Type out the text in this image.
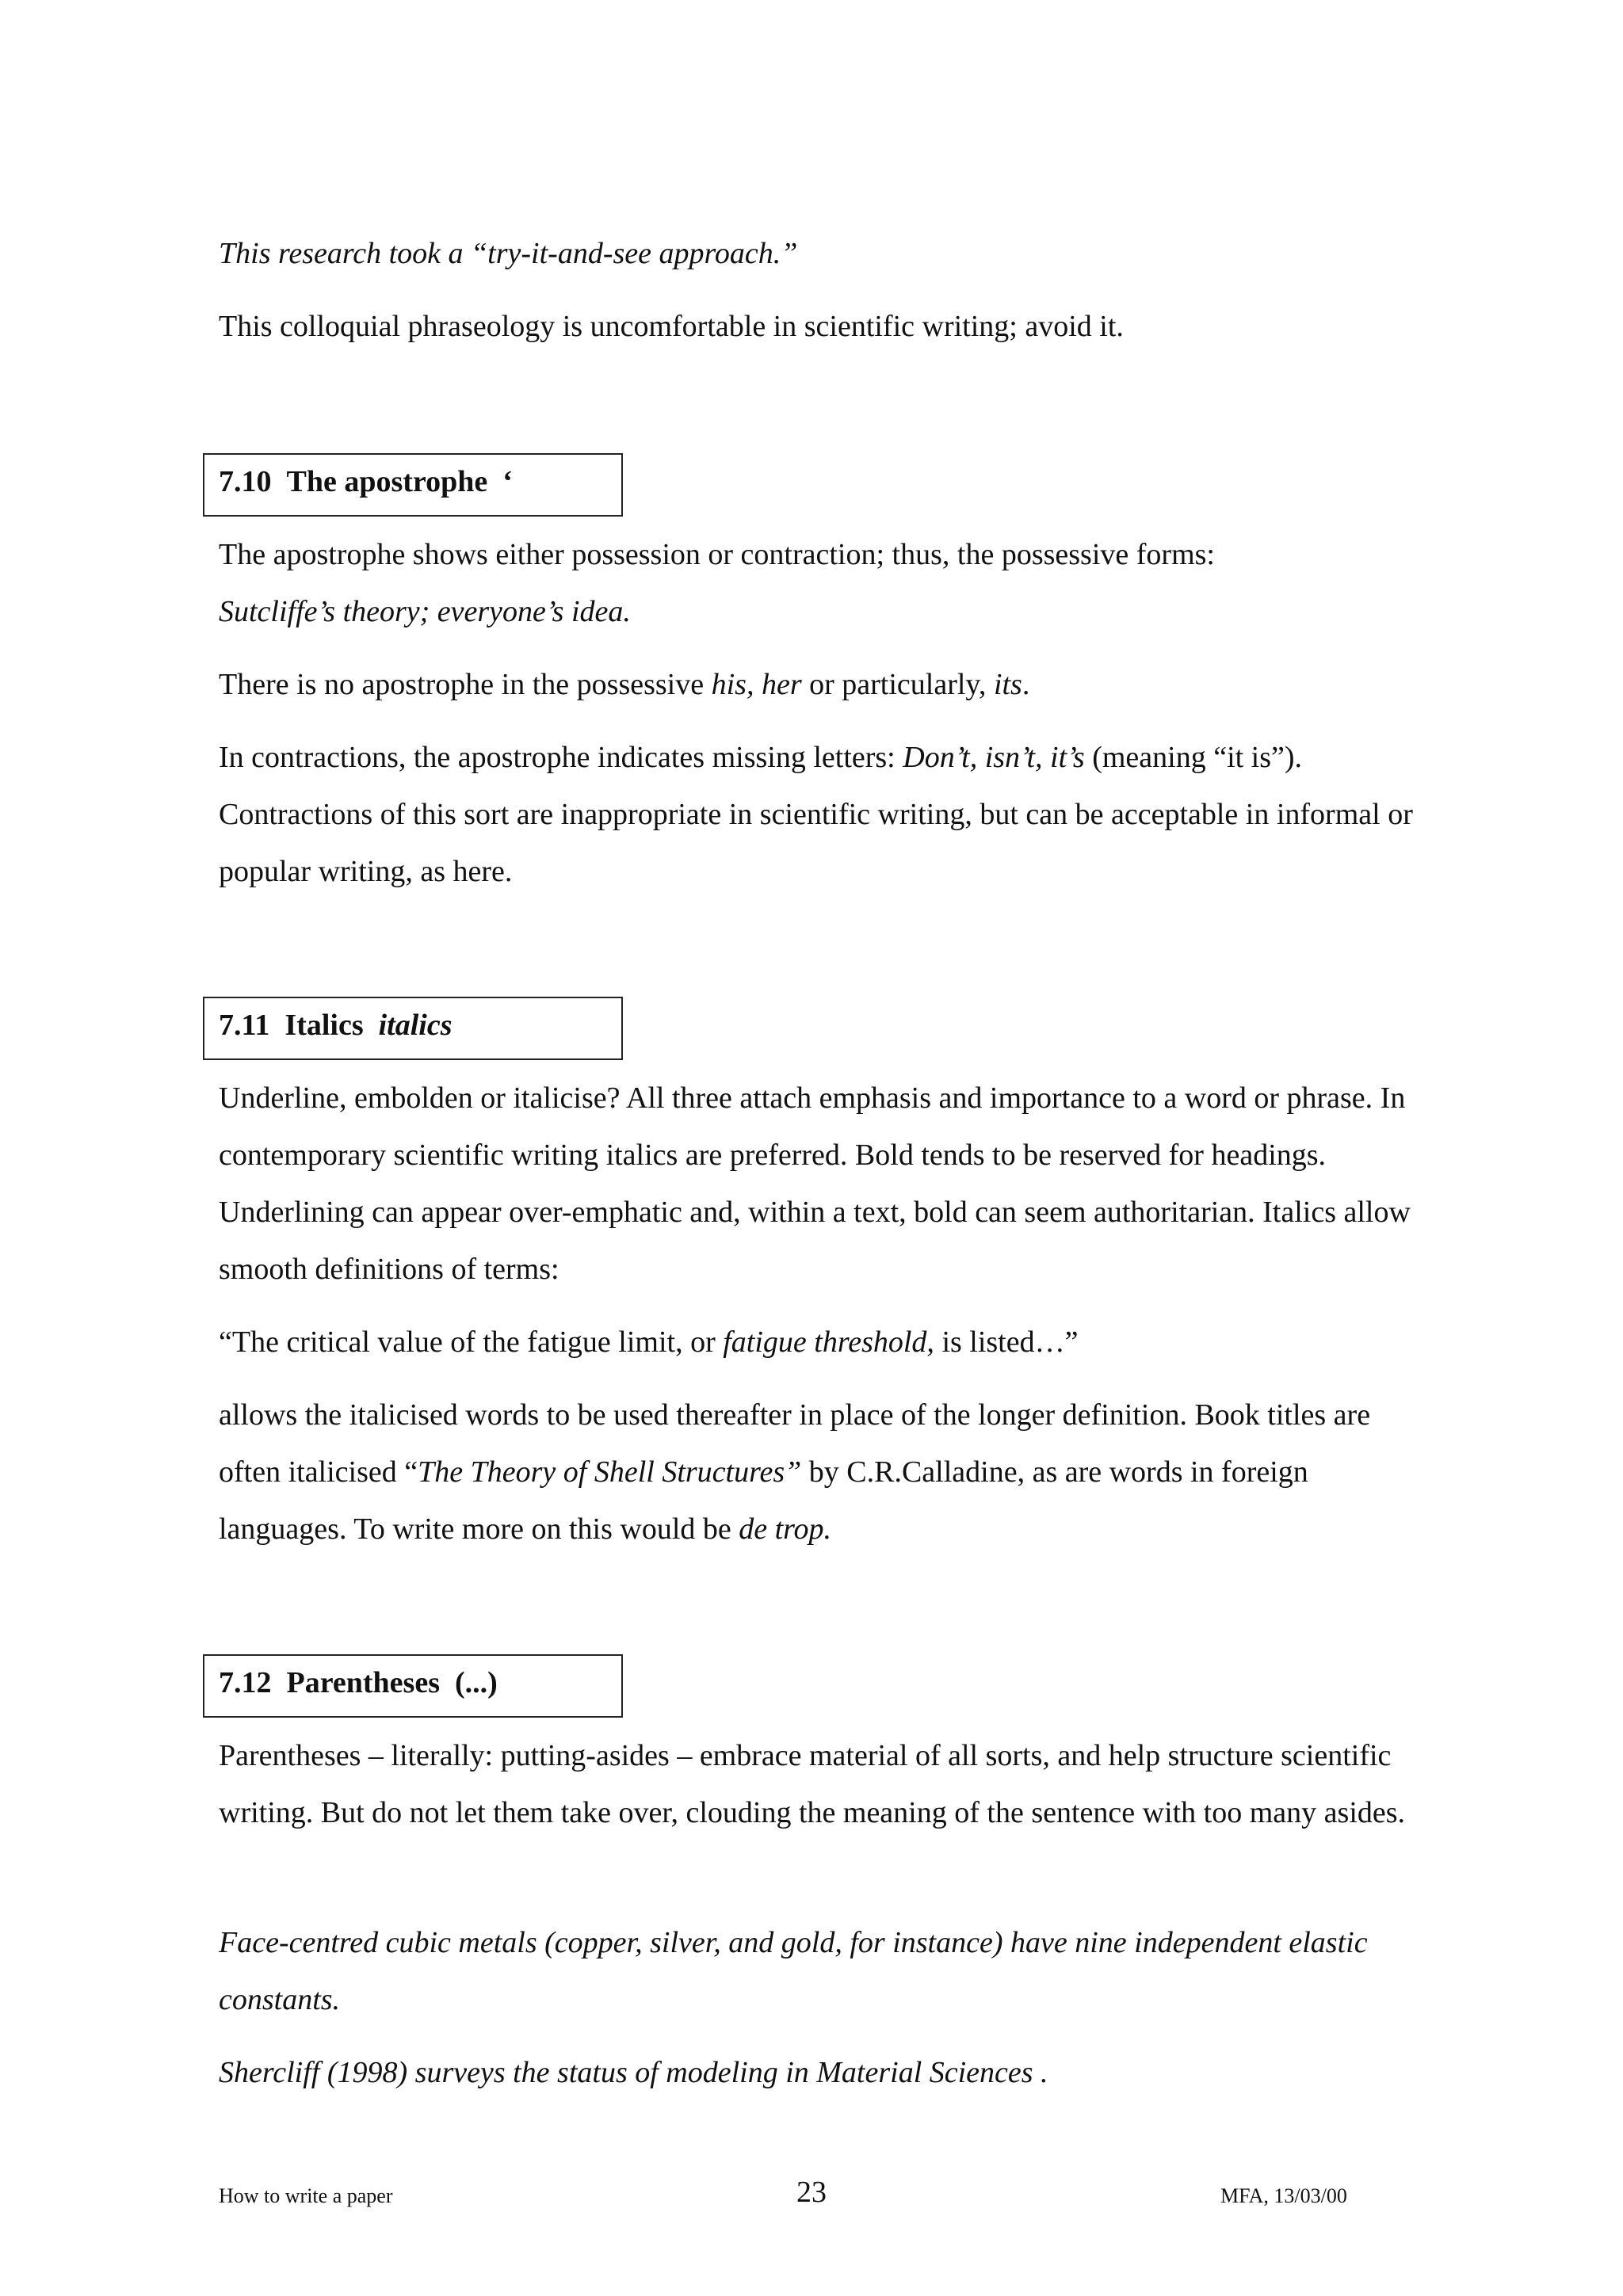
This research took a “try-it-and-see approach.”

This colloquial phraseology is uncomfortable in scientific writing; avoid it.

7.10 The apostrophe ‘

The apostrophe shows either possession or contraction; thus, the possessive forms:

Sutcliffe’s theory; everyone’s idea.

There is no apostrophe in the possessive his, her or particularly, its.

In contractions, the apostrophe indicates missing letters: Don’t, isn’t, it’s (meaning “it is”). Contractions of this sort are inappropriate in scientific writing, but can be acceptable in informal or popular writing, as here.

7.11 Italics italics

Underline, embolden or italicise? All three attach emphasis and importance to a word or phrase. In contemporary scientific writing italics are preferred. Bold tends to be reserved for headings. Underlining can appear over-emphatic and, within a text, bold can seem authoritarian. Italics allow smooth definitions of terms:

“The critical value of the fatigue limit, or fatigue threshold, is listed…”

allows the italicised words to be used thereafter in place of the longer definition. Book titles are often italicised “The Theory of Shell Structures” by C.R.Calladine, as are words in foreign languages. To write more on this would be de trop.

7.12 Parentheses (...)

Parentheses – literally: putting-asides – embrace material of all sorts, and help structure scientific writing. But do not let them take over, clouding the meaning of the sentence with too many asides.

Face-centred cubic metals (copper, silver, and gold, for instance) have nine independent elastic constants.

Shercliff (1998) surveys the status of modeling in Material Sciences .

How to write a paper	23	MFA, 13/03/00
